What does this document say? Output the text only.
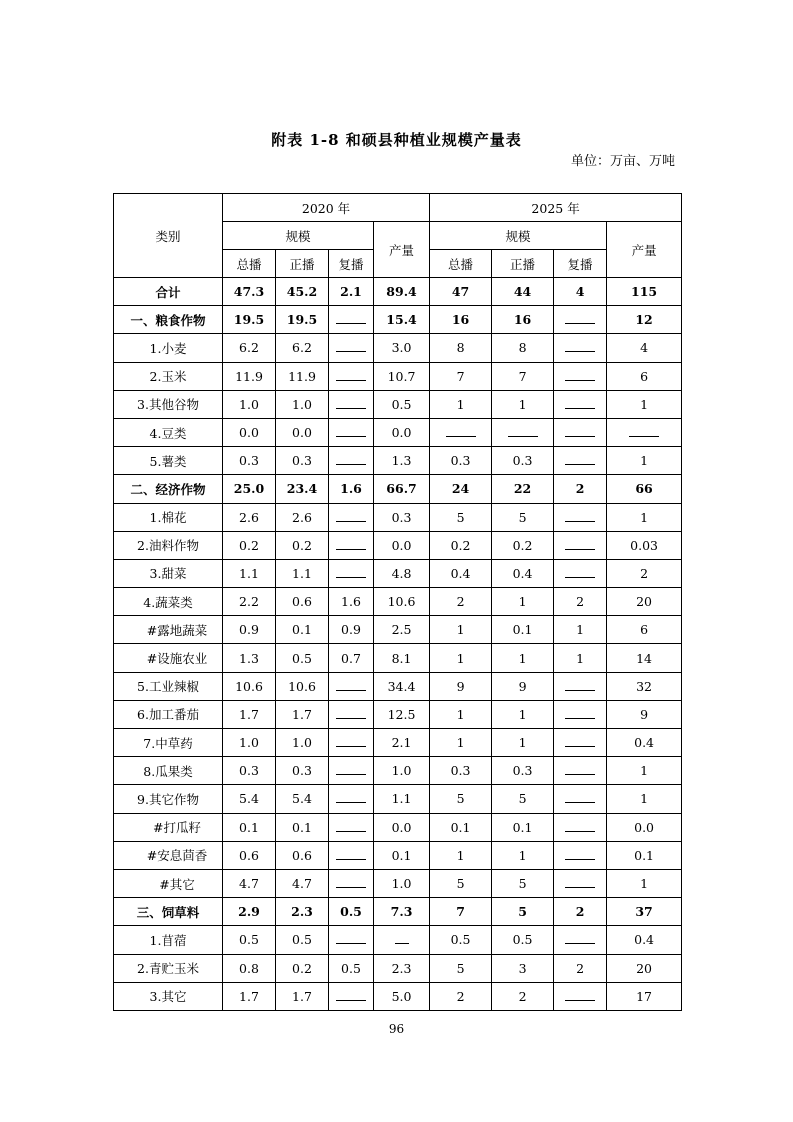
附表 1-8 和硕县种植业规模产量表
单位：万亩、万吨
类别	2020 年				2025 年			
	规模			产量	规模			产量
	总播	正播	复播		总播	正播	复播	
合计	47.3	45.2	2.1	89.4	47	44	4	115
一、粮食作物	19.5	19.5		15.4	16	16		12
1.小麦	6.2	6.2		3.0	8	8		4
2.玉米	11.9	11.9		10.7	7	7		6
3.其他谷物	1.0	1.0		0.5	1	1		1
4.豆类	0.0	0.0		0.0				
5.薯类	0.3	0.3		1.3	0.3	0.3		1
二、经济作物	25.0	23.4	1.6	66.7	24	22	2	66
1.棉花	2.6	2.6		0.3	5	5		1
2.油料作物	0.2	0.2		0.0	0.2	0.2		0.03
3.甜菜	1.1	1.1		4.8	0.4	0.4		2
4.蔬菜类	2.2	0.6	1.6	10.6	2	1	2	20
#露地蔬菜	0.9	0.1	0.9	2.5	1	0.1	1	6
#设施农业	1.3	0.5	0.7	8.1	1	1	1	14
5.工业辣椒	10.6	10.6		34.4	9	9		32
6.加工番茄	1.7	1.7		12.5	1	1		9
7.中草药	1.0	1.0		2.1	1	1		0.4
8.瓜果类	0.3	0.3		1.0	0.3	0.3		1
9.其它作物	5.4	5.4		1.1	5	5		1
#打瓜籽	0.1	0.1		0.0	0.1	0.1		0.0
#安息茴香	0.6	0.6		0.1	1	1		0.1
#其它	4.7	4.7		1.0	5	5		1
三、饲草料	2.9	2.3	0.5	7.3	7	5	2	37
1.苜蓿	0.5	0.5			0.5	0.5		0.4
2.青贮玉米	0.8	0.2	0.5	2.3	5	3	2	20
3.其它	1.7	1.7		5.0	2	2		17
96
